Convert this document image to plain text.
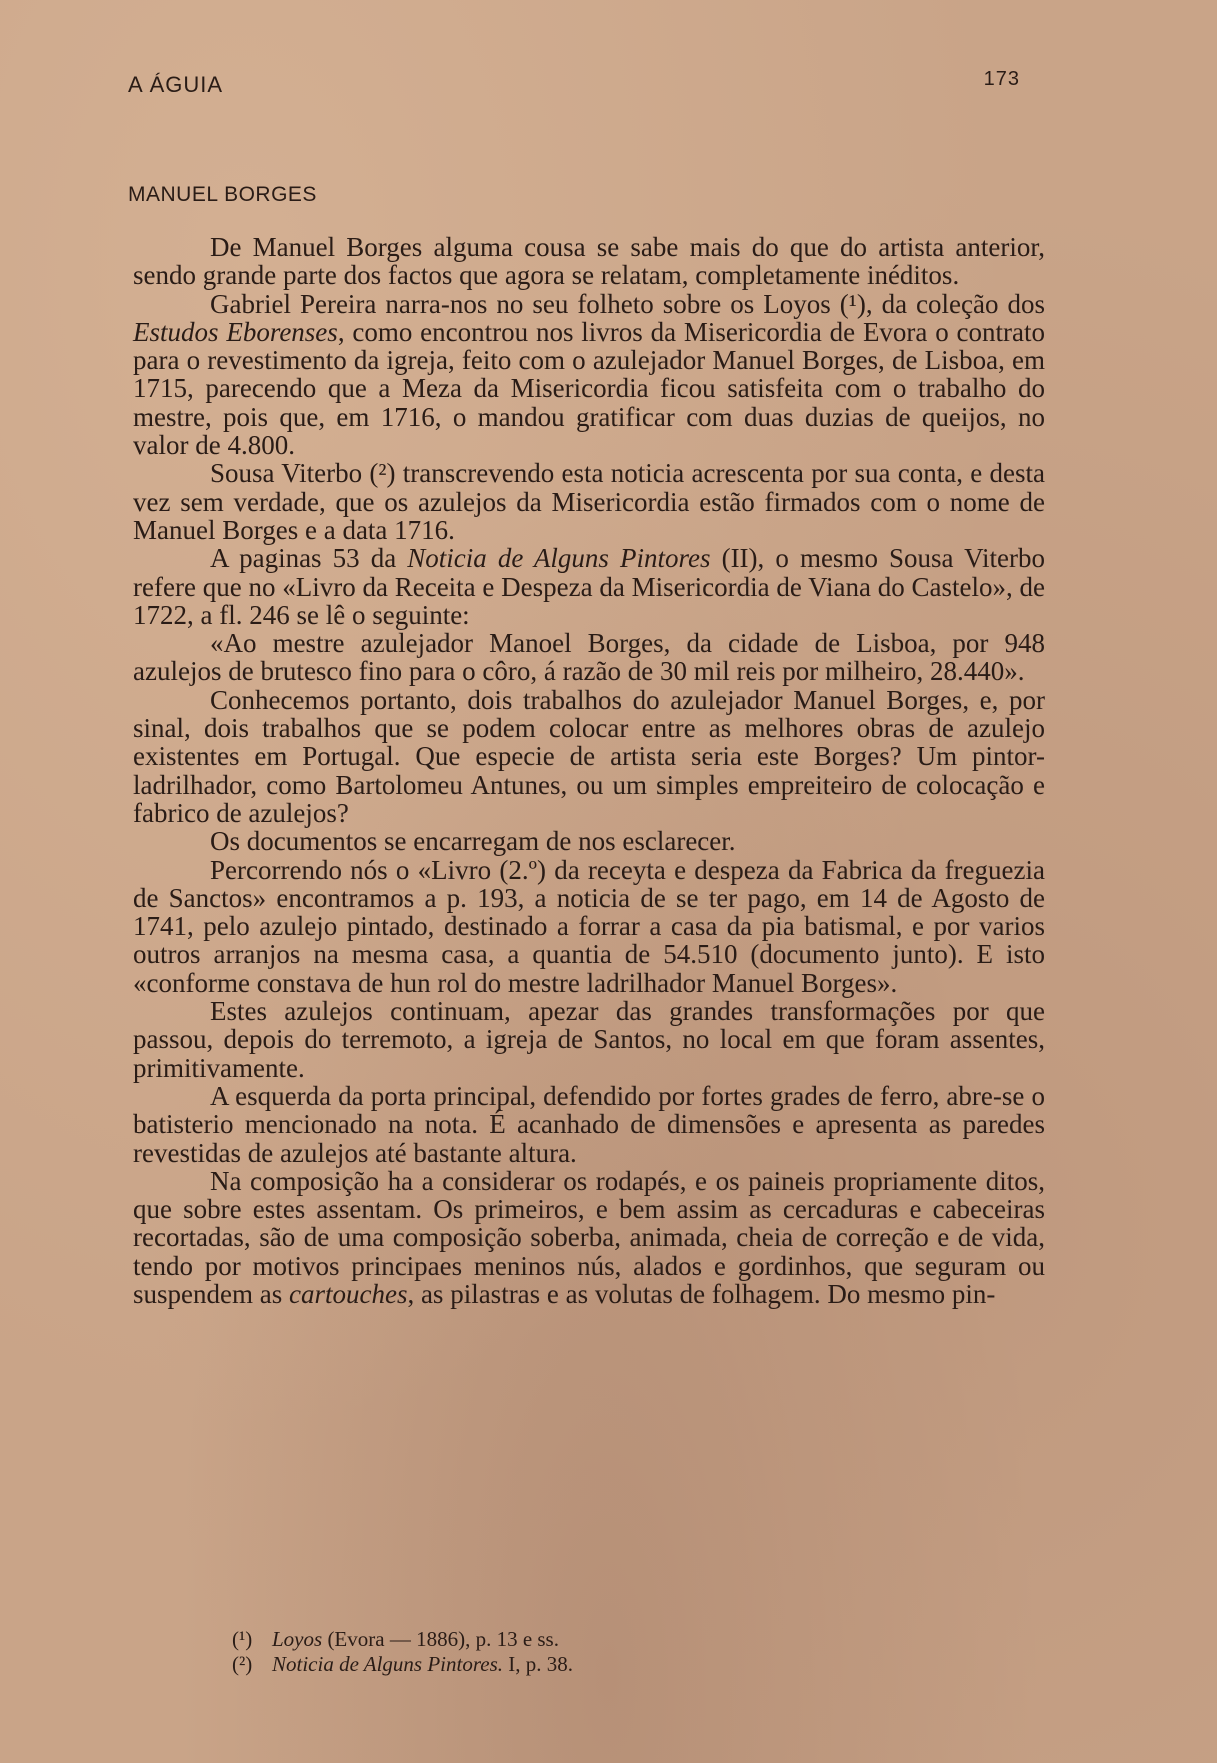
A ÁGUIA	173
MANUEL BORGES

De Manuel Borges alguma cousa se sabe mais do que do artista anterior, sendo grande parte dos factos que agora se relatam, completamente inéditos.

Gabriel Pereira narra-nos no seu folheto sobre os Loyos (¹), da coleção dos Estudos Eborenses, como encontrou nos livros da Misericordia de Evora o contrato para o revestimento da igreja, feito com o azulejador Manuel Borges, de Lisboa, em 1715, parecendo que a Meza da Misericordia ficou satisfeita com o trabalho do mestre, pois que, em 1716, o mandou gratificar com duas duzias de queijos, no valor de 4.800.

Sousa Viterbo (²) transcrevendo esta noticia acrescenta por sua conta, e desta vez sem verdade, que os azulejos da Misericordia estão firmados com o nome de Manuel Borges e a data 1716.

A paginas 53 da Noticia de Alguns Pintores (II), o mesmo Sousa Viterbo refere que no «Livro da Receita e Despeza da Misericordia de Viana do Castelo», de 1722, a fl. 246 se lê o seguinte:

«Ao mestre azulejador Manoel Borges, da cidade de Lisboa, por 948 azulejos de brutesco fino para o côro, á razão de 30 mil reis por milheiro, 28.440».

Conhecemos portanto, dois trabalhos do azulejador Manuel Borges, e, por sinal, dois trabalhos que se podem colocar entre as melhores obras de azulejo existentes em Portugal. Que especie de artista seria este Borges? Um pintor-ladrilhador, como Bartolomeu Antunes, ou um simples empreiteiro de colocação e fabrico de azulejos?

Os documentos se encarregam de nos esclarecer.

Percorrendo nós o «Livro (2.º) da receyta e despeza da Fabrica da freguezia de Sanctos» encontramos a p. 193, a noticia de se ter pago, em 14 de Agosto de 1741, pelo azulejo pintado, destinado a forrar a casa da pia batismal, e por varios outros arranjos na mesma casa, a quantia de 54.510 (documento junto). E isto «conforme constava de hun rol do mestre ladrilhador Manuel Borges».

Estes azulejos continuam, apezar das grandes transformações por que passou, depois do terremoto, a igreja de Santos, no local em que foram assentes, primitivamente.

A esquerda da porta principal, defendido por fortes grades de ferro, abre-se o batisterio mencionado na nota. É acanhado de dimensões e apresenta as paredes revestidas de azulejos até bastante altura.

Na composição ha a considerar os rodapés, e os paineis propriamente ditos, que sobre estes assentam. Os primeiros, e bem assim as cercaduras e cabeceiras recortadas, são de uma composição soberba, animada, cheia de correção e de vida, tendo por motivos principaes meninos nús, alados e gordinhos, que seguram ou suspendem as cartouches, as pilastras e as volutas de folhagem. Do mesmo pin-

(¹) Loyos (Evora — 1886), p. 13 e ss.

(²) Noticia de Alguns Pintores. I, p. 38.
